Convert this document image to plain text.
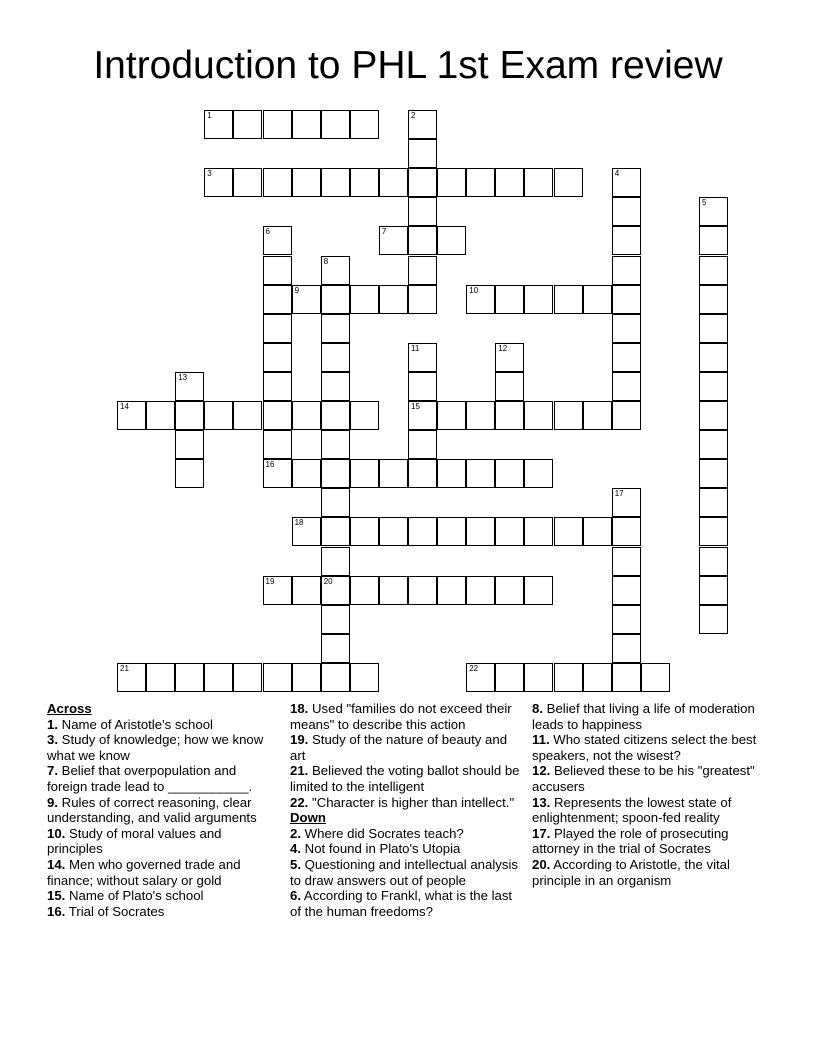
Introduction to PHL 1st Exam review
1	2
3	4
5
6
16
7
8
20
9	10
11
15
12
13
14
17
18
19
21	22

Across

1. Name of Aristotle's school

3. Study of knowledge; how we know what we know

7. Belief that overpopulation and foreign trade lead to ___________.

9. Rules of correct reasoning, clear understanding, and valid arguments

10. Study of moral values and principles

14. Men who governed trade and finance; without salary or gold

15. Name of Plato's school

16. Trial of Socrates

18. Used "families do not exceed their means" to describe this action

19. Study of the nature of beauty and art

21. Believed the voting ballot should be limited to the intelligent

22. "Character is higher than intellect."

Down

2. Where did Socrates teach?

4. Not found in Plato's Utopia

5. Questioning and intellectual analysis to draw answers out of people

6. According to Frankl, what is the last of the human freedoms?

8. Belief that living a life of moderation leads to happiness

11. Who stated citizens select the best speakers, not the wisest?

12. Believed these to be his "greatest" accusers

13. Represents the lowest state of enlightenment; spoon-fed reality

17. Played the role of prosecuting attorney in the trial of Socrates

20. According to Aristotle, the vital principle in an organism
